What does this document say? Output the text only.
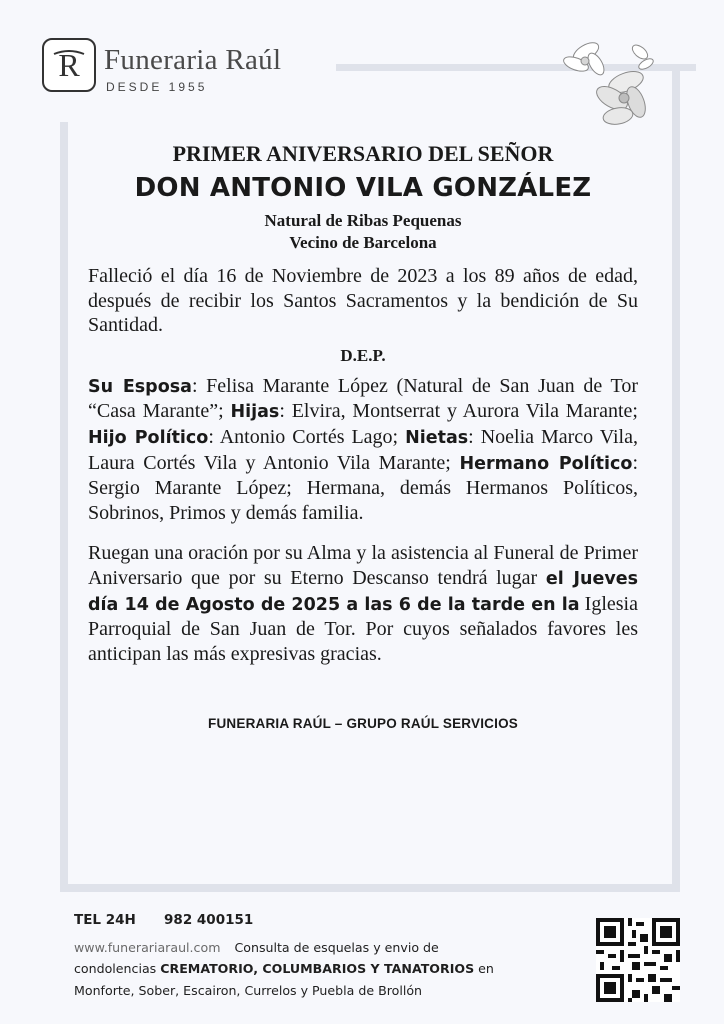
R Funeraria Raúl
DESDE 1955

PRIMER ANIVERSARIO DEL SEÑOR

DON ANTONIO VILA GONZÁLEZ

Natural de Ribas Pequenas

Vecino de Barcelona

Falleció el día 16 de Noviembre de 2023 a los 89 años de edad, después de recibir los Santos Sacramentos y la bendición de Su Santidad.

D.E.P.

Su Esposa: Felisa Marante López (Natural de San Juan de Tor “Casa Marante”; Hijas: Elvira, Montserrat y Aurora Vila Marante; Hijo Político: Antonio Cortés Lago; Nietas: Noelia Marco Vila, Laura Cortés Vila y Antonio Vila Marante; Hermano Político: Sergio Marante López; Hermana, demás Hermanos Políticos, Sobrinos, Primos y demás familia.

Ruegan una oración por su Alma y la asistencia al Funeral de Primer Aniversario que por su Eterno Descanso tendrá lugar el Jueves día 14 de Agosto de 2025 a las 6 de la tarde en la Iglesia Parroquial de San Juan de Tor. Por cuyos señalados favores les anticipan las más expresivas gracias.

FUNERARIA RAÚL – GRUPO RAÚL SERVICIOS
TEL 24H 982 400151
www.funerariaraul.com Consulta de esquelas y envio de
condolencias CREMATORIO, COLUMBARIOS Y TANATORIOS en
Monforte, Sober, Escairon, Currelos y Puebla de Brollón
